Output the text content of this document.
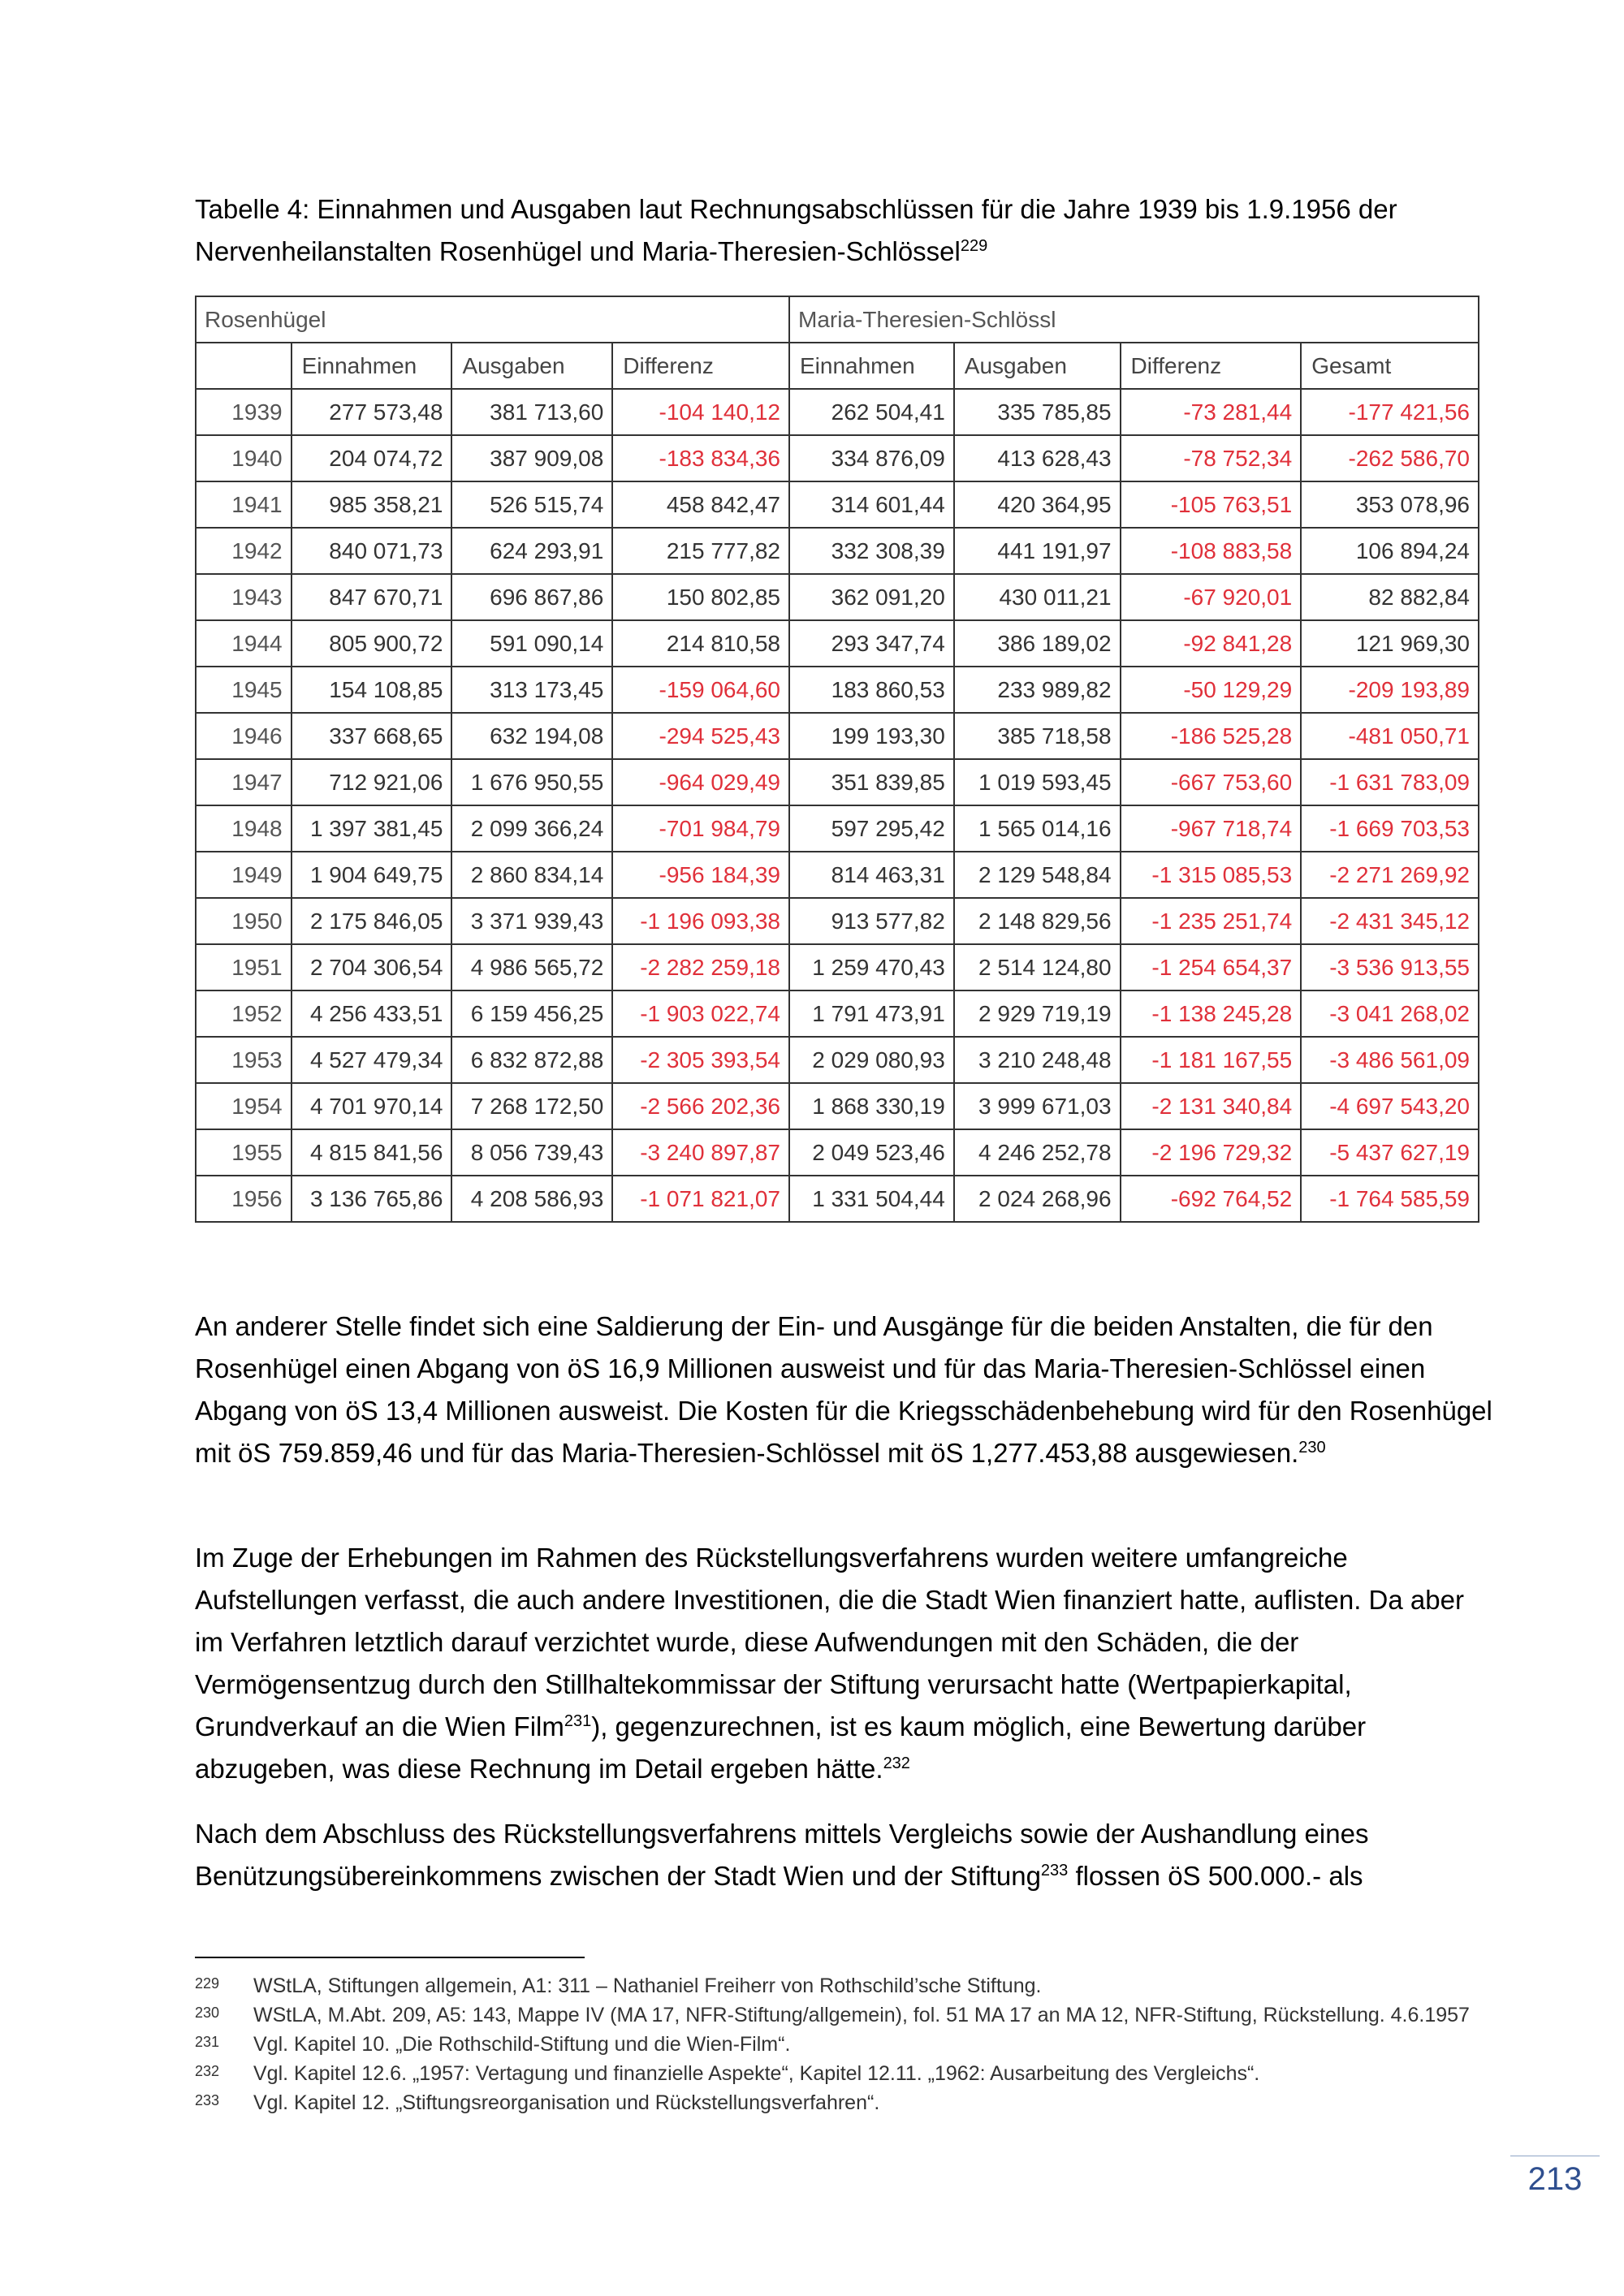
Tabelle 4: Einnahmen und Ausgaben laut Rechnungsabschlüssen für die Jahre 1939 bis 1.9.1956 der
Nervenheilanstalten Rosenhügel und Maria-Theresien-Schlössel$^{229}$
Rosenhügel				Maria-Theresien-Schlössl			
	Einnahmen	Ausgaben	Differenz	Einnahmen	Ausgaben	Differenz	Gesamt
1939	277 573,48	381 713,60	-104 140,12	262 504,41	335 785,85	-73 281,44	-177 421,56
1940	204 074,72	387 909,08	-183 834,36	334 876,09	413 628,43	-78 752,34	-262 586,70
1941	985 358,21	526 515,74	458 842,47	314 601,44	420 364,95	-105 763,51	353 078,96
1942	840 071,73	624 293,91	215 777,82	332 308,39	441 191,97	-108 883,58	106 894,24
1943	847 670,71	696 867,86	150 802,85	362 091,20	430 011,21	-67 920,01	82 882,84
1944	805 900,72	591 090,14	214 810,58	293 347,74	386 189,02	-92 841,28	121 969,30
1945	154 108,85	313 173,45	-159 064,60	183 860,53	233 989,82	-50 129,29	-209 193,89
1946	337 668,65	632 194,08	-294 525,43	199 193,30	385 718,58	-186 525,28	-481 050,71
1947	712 921,06	1 676 950,55	-964 029,49	351 839,85	1 019 593,45	-667 753,60	-1 631 783,09
1948	1 397 381,45	2 099 366,24	-701 984,79	597 295,42	1 565 014,16	-967 718,74	-1 669 703,53
1949	1 904 649,75	2 860 834,14	-956 184,39	814 463,31	2 129 548,84	-1 315 085,53	-2 271 269,92
1950	2 175 846,05	3 371 939,43	-1 196 093,38	913 577,82	2 148 829,56	-1 235 251,74	-2 431 345,12
1951	2 704 306,54	4 986 565,72	-2 282 259,18	1 259 470,43	2 514 124,80	-1 254 654,37	-3 536 913,55
1952	4 256 433,51	6 159 456,25	-1 903 022,74	1 791 473,91	2 929 719,19	-1 138 245,28	-3 041 268,02
1953	4 527 479,34	6 832 872,88	-2 305 393,54	2 029 080,93	3 210 248,48	-1 181 167,55	-3 486 561,09
1954	4 701 970,14	7 268 172,50	-2 566 202,36	1 868 330,19	3 999 671,03	-2 131 340,84	-4 697 543,20
1955	4 815 841,56	8 056 739,43	-3 240 897,87	2 049 523,46	4 246 252,78	-2 196 729,32	-5 437 627,19
1956	3 136 765,86	4 208 586,93	-1 071 821,07	1 331 504,44	2 024 268,96	-692 764,52	-1 764 585,59

An anderer Stelle findet sich eine Saldierung der Ein- und Ausgänge für die beiden Anstalten, die für den Rosenhügel einen Abgang von öS 16,9 Millionen ausweist und für das Maria-Theresien-Schlössel einen Abgang von öS 13,4 Millionen ausweist. Die Kosten für die Kriegsschädenbehebung wird für den Rosenhügel mit öS 759.859,46 und für das Maria-Theresien-Schlössel mit öS 1,277.453,88 ausgewiesen.$^{230}$

Im Zuge der Erhebungen im Rahmen des Rückstellungsverfahrens wurden weitere umfangreiche Aufstellungen verfasst, die auch andere Investitionen, die die Stadt Wien finanziert hatte, auflisten. Da aber im Verfahren letztlich darauf verzichtet wurde, diese Aufwendungen mit den Schäden, die der Vermögensentzug durch den Stillhaltekommissar der Stiftung verursacht hatte (Wertpapierkapital, Grundverkauf an die Wien Film$^{231}$), gegenzurechnen, ist es kaum möglich, eine Bewertung darüber abzugeben, was diese Rechnung im Detail ergeben hätte.$^{232}$

Nach dem Abschluss des Rückstellungsverfahrens mittels Vergleichs sowie der Aushandlung eines Benützungsübereinkommens zwischen der Stadt Wien und der Stiftung$^{233}$ flossen öS 500.000.- als

229	WStLA, Stiftungen allgemein, A1: 311 – Nathaniel Freiherr von Rothschild’sche Stiftung.
230	WStLA, M.Abt. 209, A5: 143, Mappe IV (MA 17, NFR-Stiftung/allgemein), fol. 51 MA 17 an MA 12, NFR-Stiftung, Rückstellung. 4.6.1957
231	Vgl. Kapitel 10. „Die Rothschild-Stiftung und die Wien-Film“.
232	Vgl. Kapitel 12.6. „1957: Vertagung und finanzielle Aspekte“, Kapitel 12.11. „1962: Ausarbeitung des Vergleichs“.
233	Vgl. Kapitel 12. „Stiftungsreorganisation und Rückstellungsverfahren“.
213
